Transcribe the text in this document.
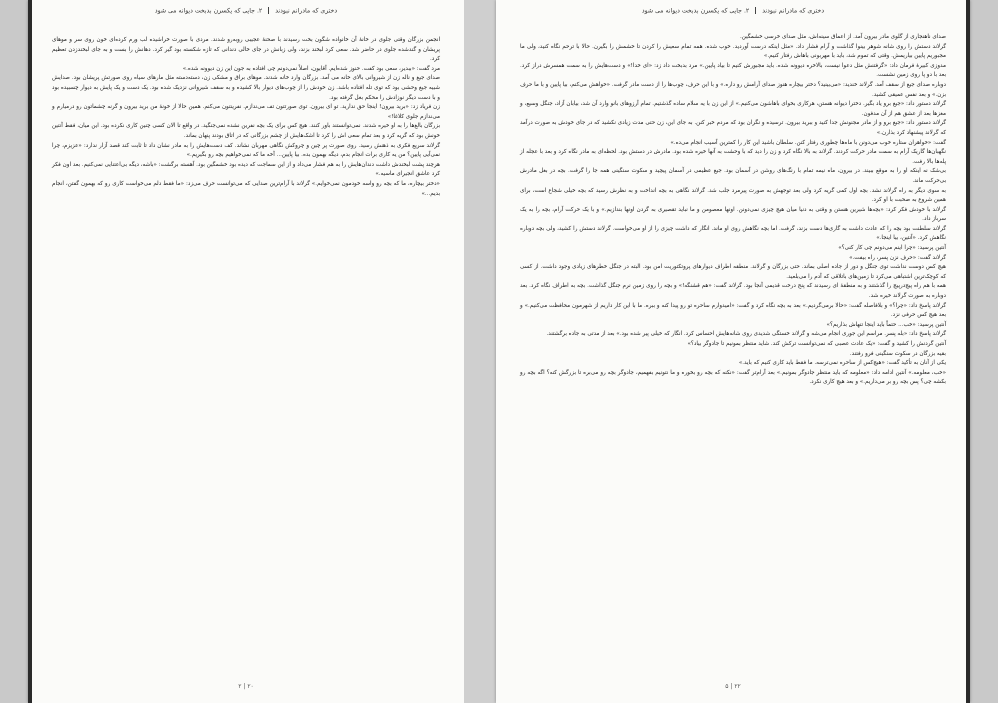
دختری که مادرانم نبودند  ۲. جایی که یکسرن بدبخت دیوانه می شود

انجمن بزرگان وقتی جلوی در خانهٔ آن خانواده شگون بخت رسیدند با صحنهٔ عجیبی روبه‌رو شدند. مردی با صورت خراشیده لب ورم کرده‌ای خون روی سر و موهای پریشان و گندشده جلوی در حاضر شد. سعی کرد لبخند بزند، ولی زبانش در جای خالی دندانی که تازه شکسته بود گیر کرد. دهانش را بست و به جای لبخندزدن تعظیم کرد.

مرد گفت: «ببدیر، سعی بود کفت. حنوز شده‌ایم. آقایون، اصلاً نمی‌دونم چی افتاده به جون این زن دیوونه شده.»

صدای جیغ و ناله زن از شیروانی بالای خانه می آمد. بزرگان وارد خانه شدند. موهای براق و مشکی زن، دسته‌دسته مثل مارهای سیاه روی صورتش پریشان بود. صدایش شبیه جیغ وحشی بود که توی تله افتاده باشد. زن خودش را از چوب‌های دیوار بالا کشیده و به سقف شیروانی نزدیک شده بود. یک دست و یک پایش به دیوار چسبیده بود و با دست دیگر نوزادش را محکم بغل گرفته بود.

زن فریاد زد: «برید بیرون! اینجا حق ندارید. تو ای بیرون. توی صورتتون تف می‌ندازم. نفرینتون می‌کنم. همین حالا از خونهٔ من برید بیرون و گرنه چشماتون رو درمیارم و می‌ندازم جلوی کلاغا!»

بزرگان بالغ‌ها را به او خیره شدند. نمی‌توانستند باور کنند. هیچ کس برای یک بچه نفرین نشده نمی‌جنگید. در واقع تا الان کسی چنین کاری نکرده بود. این میان، فقط آنتین خونش بود که گریه کرد و بعد تمام سعی اش را کرد تا اشک‌هایش از چشم بزرگانی که در اتاق بودند پنهان بماند.

گرلاند سریع فکری به ذهنش رسید. روی صورت پر چین و چروکش نگاهی مهربان نشاند. کف دست‌هایش را به مادر نشان داد تا ثابت کند قصد آزار ندارد: «عزیزم، چرا نمی‌آیی پایین؟ من یه کاری برات انجام بدم، دیگه بهمون بده. بیا پایین... آخه ما که نمی‌خواهیم بچه رو بگیریم.»

هرچند پشت لبخندش داشت دندان‌هایش را به هم فشار می‌داد و از این سماجت که دیده بود خشمگین بود. آهسته برگشت: «باشه، دیگه بی‌اعتنایی نمی‌کنیم. بعد اون فکر کرد عاشق انجیرای ماسیه.»

«دختر بیچاره، ما که بچه رو واسه خودمون نمی‌خوایم.» گرلاند با آرام‌ترین صدایی که می‌توانست حرف می‌زد: «ما فقط دلم می‌خواست کاری رو که بهمون گفتن، انجام بدیم...»

۲۰ | ۲
دختری که مادرانم نبودند  ۲. جایی که یکسرن بدبخت دیوانه می شود

صدای ناهنجاری از گلوی مادر بیرون آمد. از اعماق سینه‌اش، مثل صدای خرسی خشمگین.

گرلاند دستش را روی شانه شوهر بینوا گذاشت و آرام فشار داد. «مثل اینکه درست آوردید. خوب شده. همه تمام سعیش را کردن تا خشمش را بگیرن. حالا با ترحم نگاه کنید، ولی ما مجبوریم پایین بیاریمش. وقتی که تموم شد، باید با مهربونی باهاش رفتار کنیم.»

مدوزی کبیرهٔ فرمان داد: «گرفتنش مثل دعوا نیست، بالاخره دیوونه شده. باید مجبورش کنیم تا بیاد پایین.» مرد بدبخت داد زد: «ای خدا!» و دست‌هایش را به سمت همسرش دراز کرد. بعد با دو پا روی زمین نشست.

دوباره صدای جیغ از سقف آمد. گرلاند خندید: «می‌بینید؟ دختر بیچاره هنوز صدای آرامش رو داره.» و با این حرف، چوب‌ها را از دست مادر گرفت. «خواهش می‌کنم، بیا پایین و با ما حرف بزن.» و بعد نفس عمیقی کشید.

گرلاند دستور داد: «جیغ برو یاد بگیر. دخترا دیوانه هستن، هرکاری بخوای باهاشون می‌کنیم.» از این زن با یه سلام ساده گذشتیم. تمام آرزوهای بانو وارد آن شد، بیابان آزاد، جنگل وسیع، و مغزها بعد از عشق هم از آن مدفون.

گرلاند دستور داد: «جیغ برو و از مادر مجنونش جدا کنید و ببرید بیرون. ترسیده و نگران بود که مردم خبر کنن. به جای این، زن حتی مدت زیادی نکشید که در جای خودش به صورت درآمد که گرلاند پیشنهاد کرد بذارن.»

گفت: «خواهران ستاره خوب می‌دونن با ماه‌ها چطوری رفتار کنن. سلطان باشید این کار را کمترین آسیب انجام می‌ده.»

نگهبان‌ها گاریک آرام به سمت مادر حرکت کردند. گرلاند به بالا نگاه کرد و زن را دید که با وحشت به آنها خیره شده بود. مادرش در دستش بود. لحظه‌ای به مادر نگاه کرد و بعد با عجله از پله‌ها بالا رفت.

بی‌شک نه اینکه او را به موقع ببیند. در بیرون، ماه نیمه تمام با رنگ‌های روشن در آسمان بود. جیغ عظیمی در آسمان پیچید و سکوت سنگینی همه جا را گرفت. بچه در بغل مادرش بی‌حرکت ماند.

به سوی دیگر به راه گرلاند نشد. بچه اول کمی گریه کرد ولی بعد توجهش به صورت پیرمرد جلب شد. گرلاند نگاهی به بچه انداخت و به نظرش رسید که بچه خیلی شجاع است، برای همین شروع به صحبت با او کرد.

گرلاند با خودش فکر کرد: «بچه‌ها شیرین هستن و وقتی به دنیا میان هیچ چیزی نمی‌دونن. اونها معصومن و ما نباید تقصیری به گردن اونها بندازیم.» و با یک حرکت آرام، بچه را به یک سرباز داد.

گرلاند سلطنت بود بچه را که عادت داشت به گاری‌ها دست بزند، گرفت. اما بچه نگاهش روی او ماند. انگار که داشت چیزی را از او می‌خواست. گرلاند دستش را کشید، ولی بچه دوباره نگاهش کرد. «آنتین، بیا اینجا.»

آنتین پرسید: «چرا اینم می‌دونم چی کار کنی؟»

گرلاند گفت: «حرف نزن پسر، راه بیفت.»

هیچ کس دوست نداشت توی جنگل و دور از جاده اصلی بماند. حتی بزرگان و گرلاند. منطقه اطراف دیوارهای پروتکتوریت امن بود. البته در جنگل خطرهای زیادی وجود داشت. از کسی که کوچک‌ترین اشتباهی می‌کرد تا زمین‌های باتلاقی که آدم را می‌بلعید.

همه با هم راه پیچ‌درپیچ را گذشتند و به منطقهٔ ای رسیدند که پنج درخت قدیمی آنجا بود. گرلاند گفت: «هم قشنگه!» و بچه را روی زمین نرم جنگل گذاشت. بچه به اطراف نگاه کرد. بعد دوباره به صورت گرلاند خیره شد.

گرلاند پاسخ داد: «چرا؟» و بلافاصله گفت: «حالا برمی‌گردیم.» بعد به بچه نگاه کرد و گفت: «امیدوارم ساحره تو رو پیدا کنه و ببره. ما با این کار داریم از شهرمون محافظت می‌کنیم.» و بعد هیچ کس حرفی نزد.

آنتین پرسید: «خب... حتماً باید اینجا تنهاش بذاریم؟»

گرلاند پاسخ داد: «بله پسر. مراسم این جوری انجام می‌شه و گرلاند خستگی شدیدی روی شانه‌هایش احساس کرد. انگار که خیلی پیر شده بود.» بعد از مدتی به جاده برگشتند.

آنتین گردنش را کشید و گفت: «یک عادت عصبی که نمی‌توانست ترکش کند. شاید منتظر بمونیم تا جادوگر بیاد؟»

بقیه بزرگان در سکوت سنگینی فرو رفتند.

یکی از آنان به تأکید گفت: «هیچ‌کس از ساحره نمی‌ترسه. ما فقط باید کاری کنیم که باید.»

«خب، معلومه.» آنتین ادامه داد: «معلومه که باید منتظر جادوگر بمونیم.» بعد آرام‌تر گفت: «نکنه که بچه رو بخوره و ما نتونیم بفهمیم، جادوگر بچه رو می‌بره تا بزرگش کنه؟ اگه بچه رو بکشه چی؟ پس بچه رو بر می‌داریم.» و بعد هیچ کاری نکرد.

۲۲ | ۵
